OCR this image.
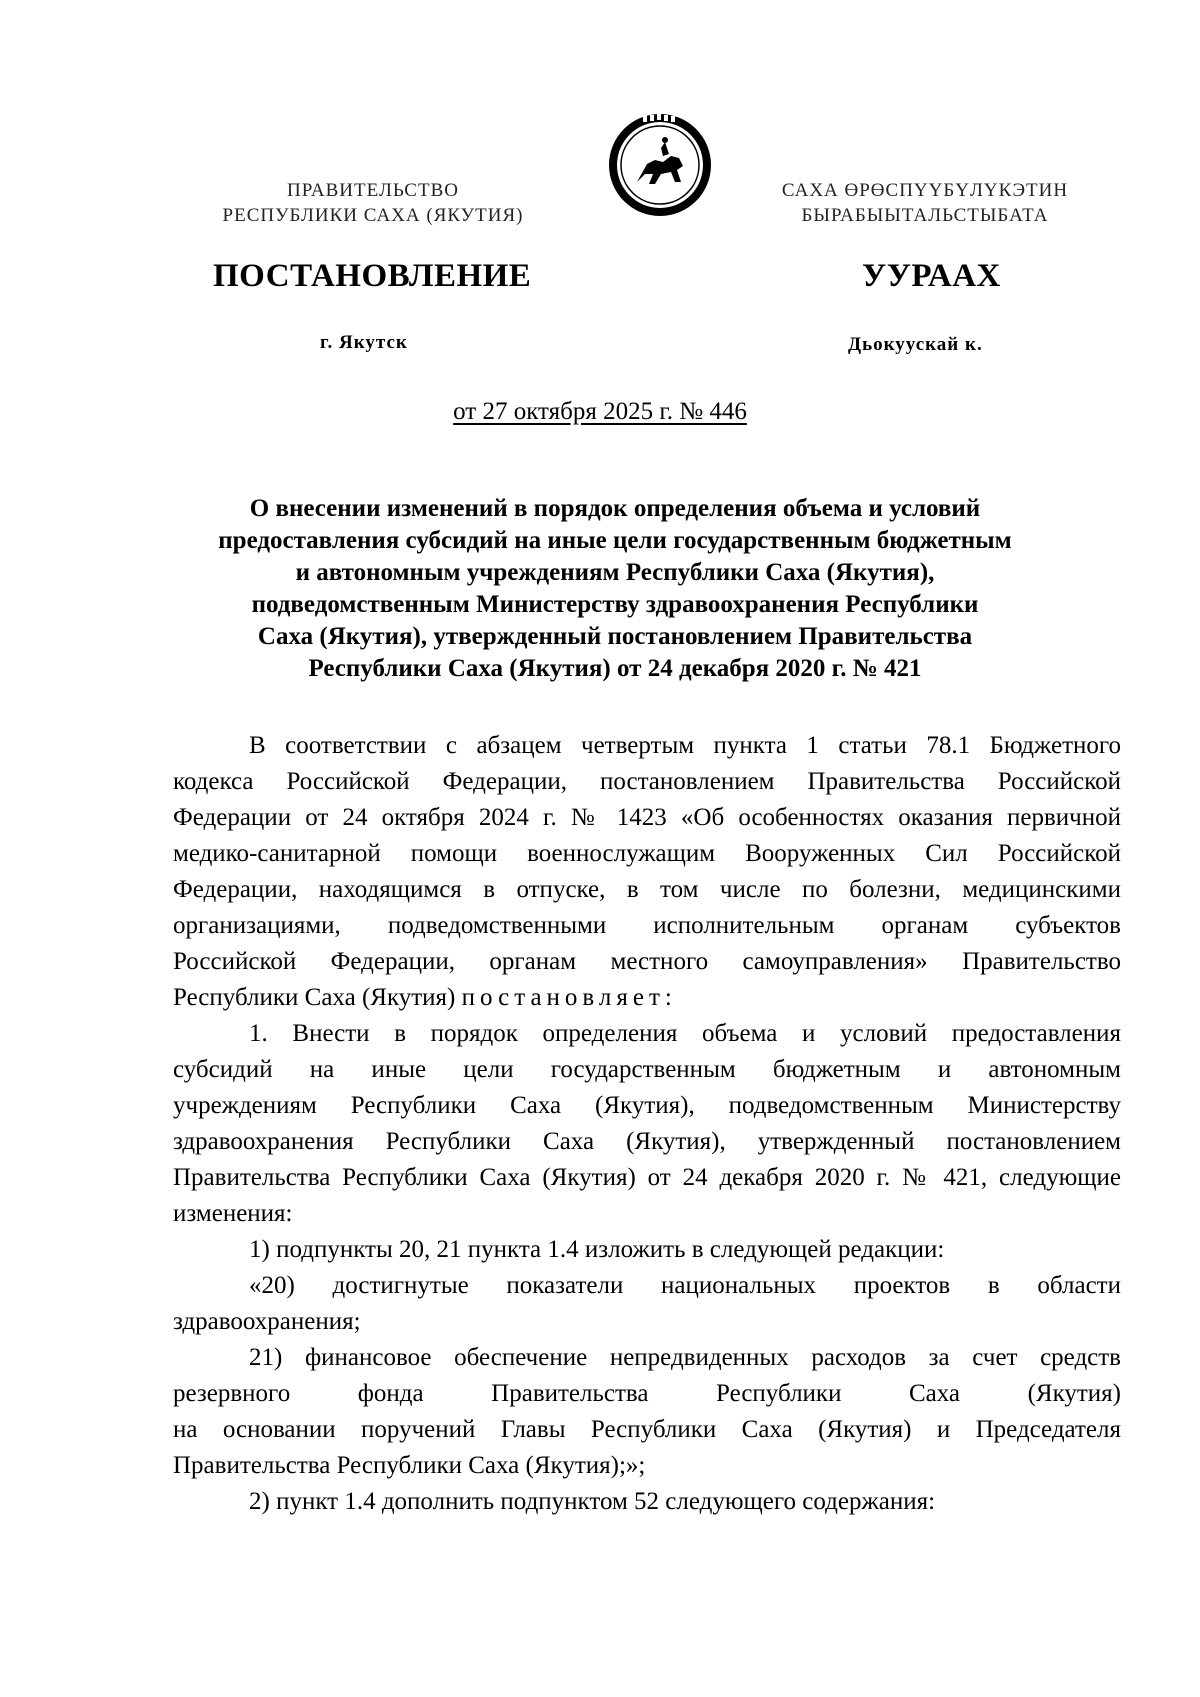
ПРАВИТЕЛЬСТВО
РЕСПУБЛИКИ САХА (ЯКУТИЯ)
САХА ӨРӨСПҮҮБҮЛҮКЭТИН
БЫРАБЫЫТАЛЬСТЫБАТА
ПОСТАНОВЛЕНИЕ	УУРААХ
г. Якутск	Дьокуускай к.
от 27 октября 2025 г. № 446
О внесении изменений в порядок определения объема и условий
предоставления субсидий на иные цели государственным бюджетным
и автономным учреждениям Республики Саха (Якутия),
подведомственным Министерству здравоохранения Республики
Саха (Якутия), утвержденный постановлением Правительства
Республики Саха (Якутия) от 24 декабря 2020 г. № 421
В соответствии с абзацем четвертым пункта 1 статьи 78.1 Бюджетного
кодекса Российской Федерации, постановлением Правительства Российской
Федерации от 24 октября 2024 г. № 1423 «Об особенностях оказания первичной
медико-санитарной помощи военнослужащим Вооруженных Сил Российской
Федерации, находящимся в отпуске, в том числе по болезни, медицинскими
организациями, подведомственными исполнительным органам субъектов
Российской Федерации, органам местного самоуправления» Правительство
Республики Саха (Якутия) постановляет:
1. Внести в порядок определения объема и условий предоставления
субсидий на иные цели государственным бюджетным и автономным
учреждениям Республики Саха (Якутия), подведомственным Министерству
здравоохранения Республики Саха (Якутия), утвержденный постановлением
Правительства Республики Саха (Якутия) от 24 декабря 2020 г. № 421, следующие
изменения:
1) подпункты 20, 21 пункта 1.4 изложить в следующей редакции:
«20) достигнутые показатели национальных проектов в области
здравоохранения;
21) финансовое обеспечение непредвиденных расходов за счет средств
резервного фонда Правительства Республики Саха (Якутия)
на основании поручений Главы Республики Саха (Якутия) и Председателя
Правительства Республики Саха (Якутия);»;
2) пункт 1.4 дополнить подпунктом 52 следующего содержания:
